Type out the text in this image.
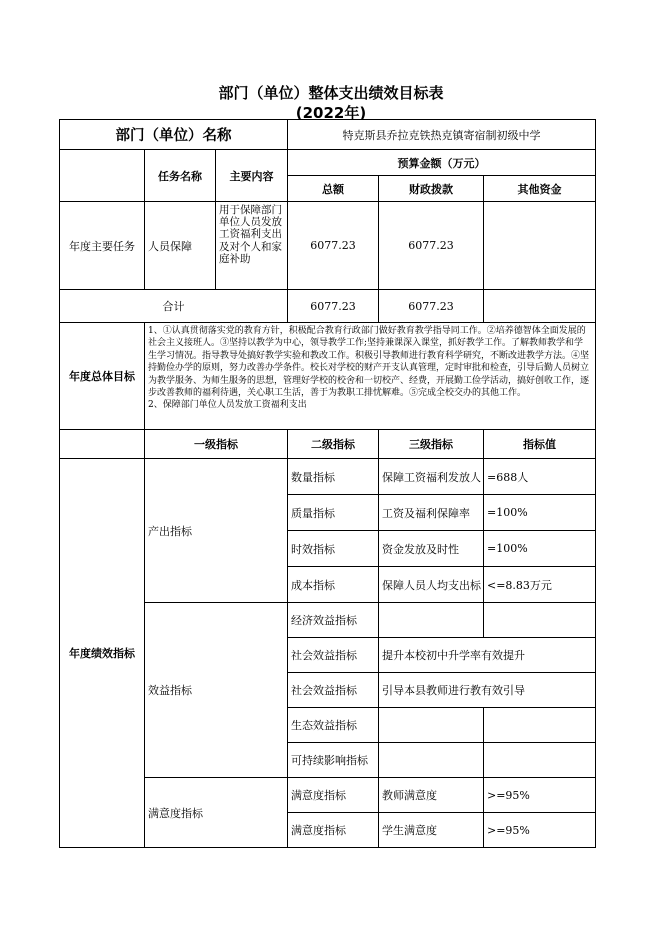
部门（单位）整体支出绩效目标表
(2022年)
部门（单位）名称			特克斯县乔拉克铁热克镇寄宿制初级中学		
	任务名称	主要内容	预算金额（万元）		
			总额	财政拨款	其他资金
年度主要任务	人员保障	用于保障部门单位人员发放工资福利支出及对个人和家庭补助	6077.23	6077.23	
合计			6077.23	6077.23	
年度总体目标	1、①认真贯彻落实党的教育方针，积极配合教育行政部门做好教育教学指导同工作。②培养德智体全面发展的社会主义接班人。③坚持以教学为中心，领导教学工作;坚持兼课深入课堂，抓好教学工作。了解教师教学和学生学习情况。指导教导处搞好教学实验和教改工作。积极引导教师进行教育科学研究，不断改进教学方法。④坚持勤俭办学的原则，努力改善办学条件。校长对学校的财产开支认真管理，定时审批和检查，引导后勤人员树立为教学服务、为师生服务的思想，管理好学校的校舍和一切校产、经费，开展勤工俭学活动，搞好创收工作，逐步改善教师的福利待遇，关心职工生活，善于为教职工排忧解难。⑤完成全校交办的其他工作。
2、保障部门单位人员发放工资福利支出				

	一级指标		二级指标	三级指标	指标值
年度绩效指标	产出指标		数量指标	保障工资福利发放人	=688人
			质量指标	工资及福利保障率	=100%
			时效指标	资金发放及时性	=100%
			成本指标	保障人员人均支出标	<=8.83万元
	效益指标		经济效益指标		
			社会效益指标	提升本校初中升学率有效提升	
			社会效益指标	引导本县教师进行教有效引导	
			生态效益指标		
			可持续影响指标		
	满意度指标		满意度指标	教师满意度	>=95%
			满意度指标	学生满意度	>=95%
